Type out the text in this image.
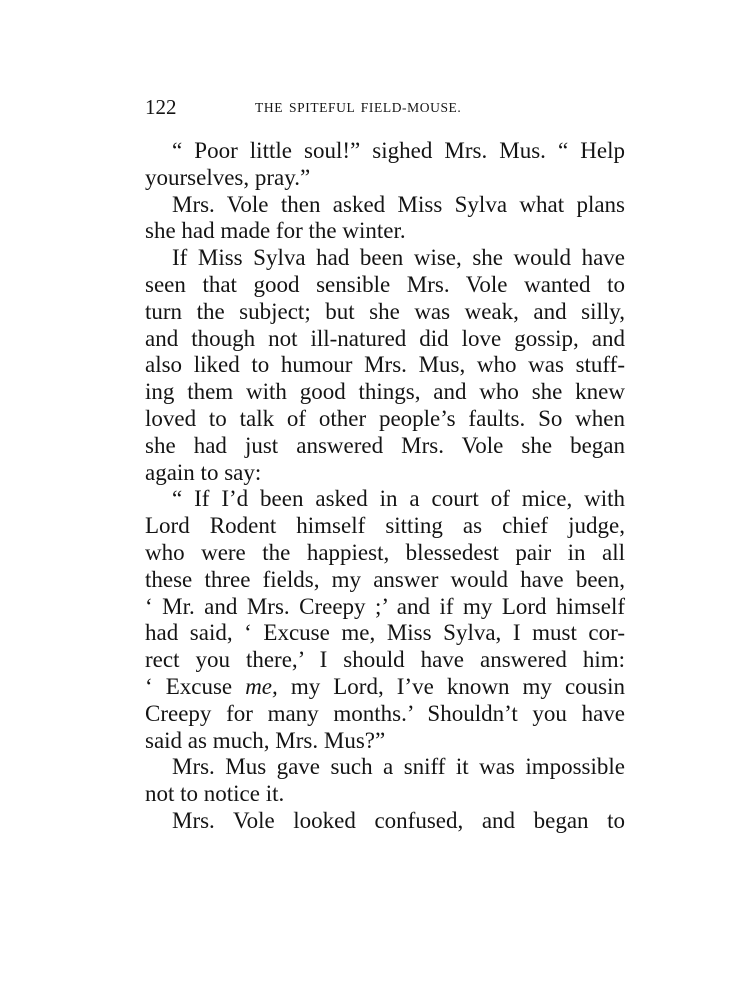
122	THE SPITEFUL FIELD-MOUSE.
“ Poor little soul!” sighed Mrs. Mus. “ Help
yourselves, pray.”
Mrs. Vole then asked Miss Sylva what plans
she had made for the winter.
If Miss Sylva had been wise, she would have
seen that good sensible Mrs. Vole wanted to
turn the subject; but she was weak, and silly,
and though not ill-natured did love gossip, and
also liked to humour Mrs. Mus, who was stuff-
ing them with good things, and who she knew
loved to talk of other people’s faults. So when
she had just answered Mrs. Vole she began
again to say:
“ If I’d been asked in a court of mice, with
Lord Rodent himself sitting as chief judge,
who were the happiest, blessedest pair in all
these three fields, my answer would have been,
‘ Mr. and Mrs. Creepy ;’ and if my Lord himself
had said, ‘ Excuse me, Miss Sylva, I must cor-
rect you there,’ I should have answered him:
‘ Excuse me, my Lord, I’ve known my cousin
Creepy for many months.’ Shouldn’t you have
said as much, Mrs. Mus?”
Mrs. Mus gave such a sniff it was impossible
not to notice it.
Mrs. Vole looked confused, and began to
